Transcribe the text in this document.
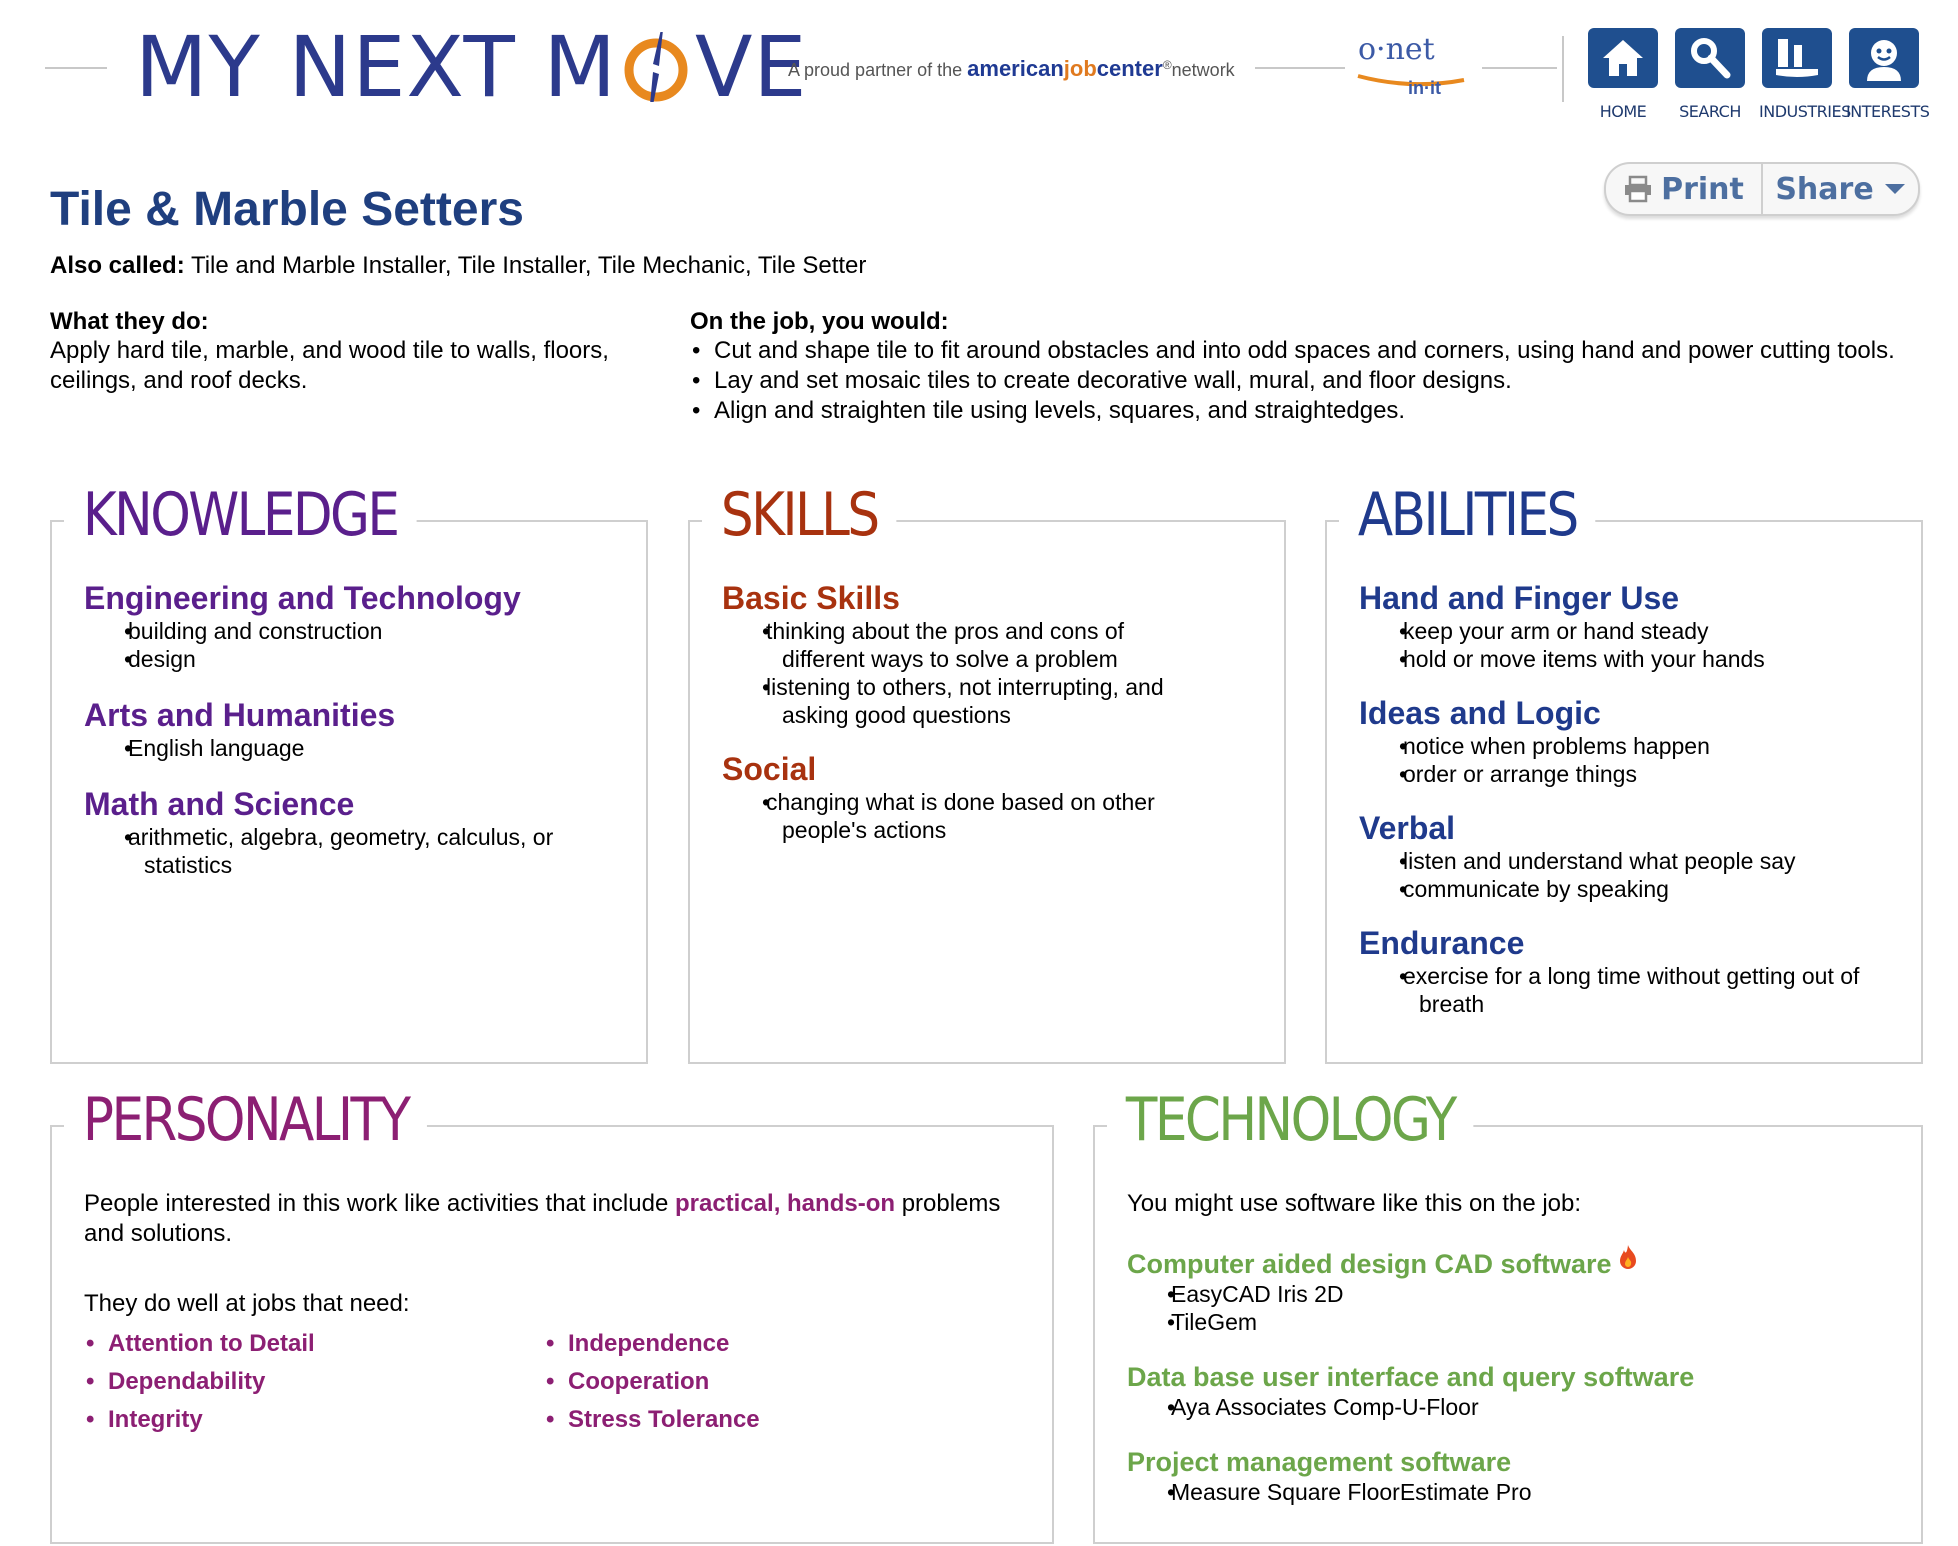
MY NEXT M VE
A proud partner of the americanjobcenter®network
o·net
in·it
HOME	SEARCH	INDUSTRIES
INTERESTS
Print Share
Tile & Marble Setters
Also called: Tile and Marble Installer, Tile Installer, Tile Mechanic, Tile Setter
What they do:
Apply hard tile, marble, and wood tile to walls, floors, ceilings, and roof decks.
On the job, you would:
• Cut and shape tile to fit around obstacles and into odd spaces and corners, using hand and power cutting tools.
• Lay and set mosaic tiles to create decorative wall, mural, and floor designs.
• Align and straighten tile using levels, squares, and straightedges.
KNOWLEDGE
Engineering and Technology
• building and construction
• design
Arts and Humanities
• English language
Math and Science
• arithmetic, algebra, geometry, calculus, or statistics
SKILLS
Basic Skills
• thinking about the pros and cons of different ways to solve a problem
• listening to others, not interrupting, and asking good questions
Social
• changing what is done based on other people's actions
ABILITIES
Hand and Finger Use
• keep your arm or hand steady
• hold or move items with your hands
Ideas and Logic
• notice when problems happen
• order or arrange things
Verbal
• listen and understand what people say
• communicate by speaking
Endurance
• exercise for a long time without getting out of breath
PERSONALITY
People interested in this work like activities that include practical, hands-on problems and solutions.
They do well at jobs that need:
• Attention to Detail
• Dependability
• Integrity
• Independence
• Cooperation
• Stress Tolerance
TECHNOLOGY
You might use software like this on the job:
Computer aided design CAD software
• EasyCAD Iris 2D
• TileGem
Data base user interface and query software
• Aya Associates Comp-U-Floor
Project management software
• Measure Square FloorEstimate Pro
